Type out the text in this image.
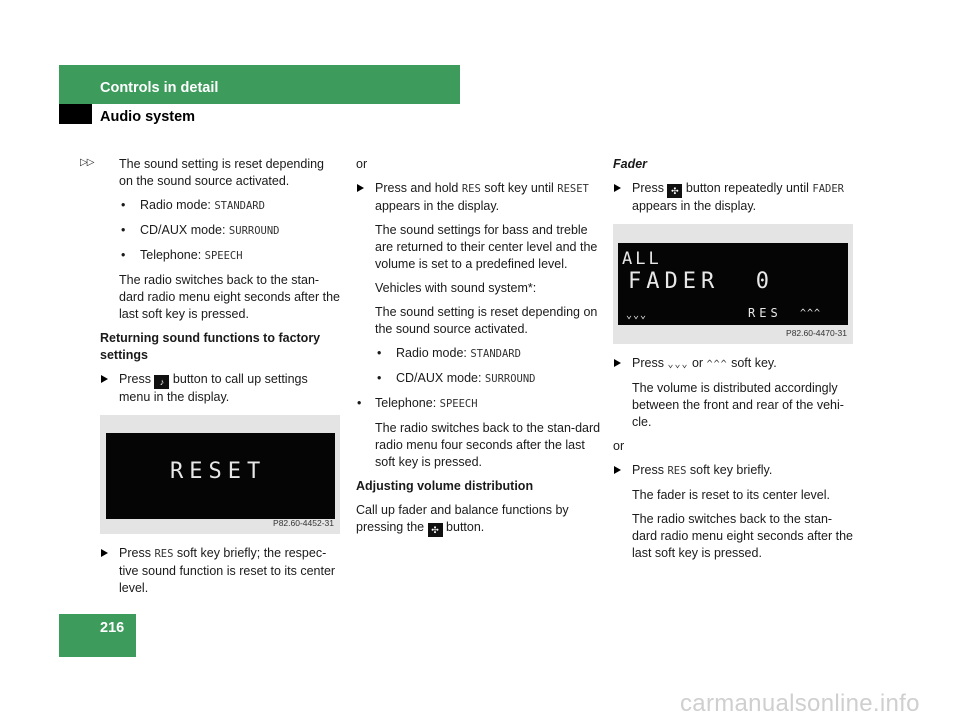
Controls in detail
Audio system
▷▷	The sound setting is reset depending on the sound source activated.

• Radio mode: STANDARD

• CD/AUX mode: SURROUND

• Telephone: SPEECH

The radio switches back to the stan-dard radio menu eight seconds after the last soft key is pressed.

Returning sound functions to factory settings

Press ♪ button to call up settings menu in the display.

RESET
P82.60-4452-31

Press RES soft key briefly; the respec-tive sound function is reset to its center level.

or

Press and hold RES soft key until RESET appears in the display.

The sound settings for bass and treble are returned to their center level and the volume is set to a predefined level.

Vehicles with sound system*:

The sound setting is reset depending on the sound source activated.

• Radio mode: STANDARD

• CD/AUX mode: SURROUND

• Telephone: SPEECH

The radio switches back to the stan-dard radio menu four seconds after the last soft key is pressed.

Adjusting volume distribution

Call up fader and balance functions by pressing the ✣ button.

Fader

Press ✣ button repeatedly until FADER appears in the display.

ALL
FADER  0
⌄⌄⌄	RES ^^^
P82.60-4470-31

Press ⌄⌄⌄ or ^^^ soft key.

The volume is distributed accordingly between the front and rear of the vehi-cle.

or

Press RES soft key briefly.

The fader is reset to its center level.

The radio switches back to the stan-dard radio menu eight seconds after the last soft key is pressed.

216
carmanualsonline.info
